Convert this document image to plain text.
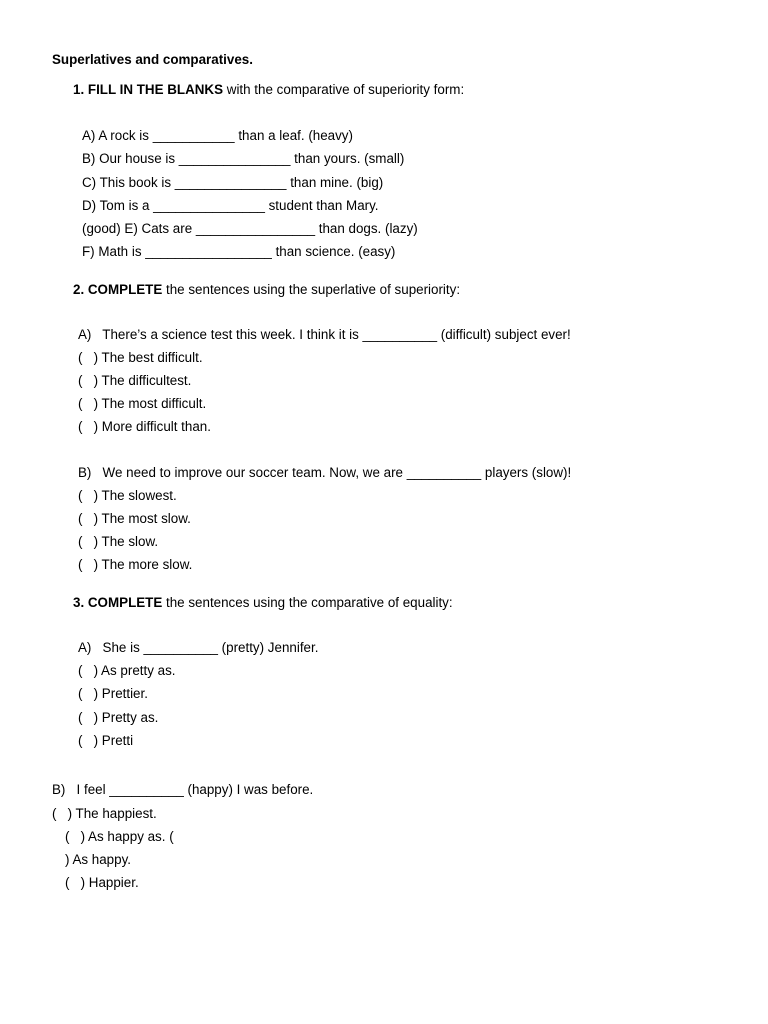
Superlatives and comparatives.
1. FILL IN THE BLANKS with the comparative of superiority form:
A) A rock is ___________ than a leaf. (heavy)
B) Our house is _______________ than yours. (small)
C) This book is _______________ than mine. (big)
D) Tom is a _______________ student than Mary.
(good) E) Cats are ________________ than dogs. (lazy)
F) Math is _________________ than science. (easy)
2. COMPLETE the sentences using the superlative of superiority:
A)   There’s a science test this week. I think it is __________ (difficult) subject ever!
(   ) The best difficult.
(   ) The difficultest.
(   ) The most difficult.
(   ) More difficult than.
B)   We need to improve our soccer team. Now, we are __________ players (slow)!
(   ) The slowest.
(   ) The most slow.
(   ) The slow.
(   ) The more slow.
3. COMPLETE the sentences using the comparative of equality:
A)   She is __________ (pretty) Jennifer.
(   ) As pretty as.
(   ) Prettier.
(   ) Pretty as.
(   ) Pretti
B)   I feel __________ (happy) I was before.
(   ) The happiest.
(   ) As happy as. (
) As happy.
(   ) Happier.
